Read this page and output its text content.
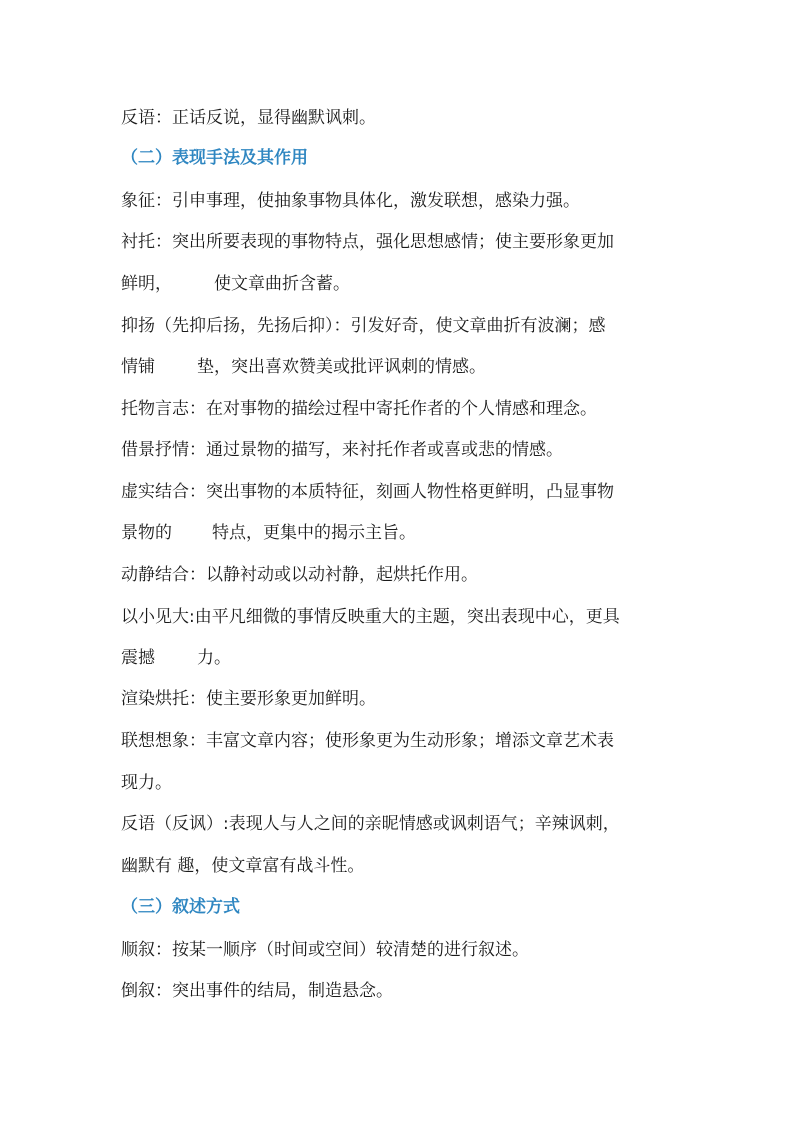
反语：正话反说，显得幽默讽刺。
（二）表现手法及其作用
象征：引申事理，使抽象事物具体化，激发联想，感染力强。
衬托：突出所要表现的事物特点，强化思想感情；使主要形象更加
鲜明， 使文章曲折含蓄。
抑扬（先抑后扬，先扬后抑）：引发好奇，使文章曲折有波澜；感
情铺 垫，突出喜欢赞美或批评讽刺的情感。
托物言志：在对事物的描绘过程中寄托作者的个人情感和理念。
借景抒情：通过景物的描写，来衬托作者或喜或悲的情感。
虚实结合：突出事物的本质特征，刻画人物性格更鲜明，凸显事物
景物的 特点，更集中的揭示主旨。
动静结合：以静衬动或以动衬静，起烘托作用。
以小见大:由平凡细微的事情反映重大的主题，突出表现中心，更具
震撼 力。
渲染烘托：使主要形象更加鲜明。
联想想象：丰富文章内容；使形象更为生动形象；增添文章艺术表
现力。
反语（反讽）:表现人与人之间的亲昵情感或讽刺语气；辛辣讽刺，
幽默有 趣，使文章富有战斗性。
（三）叙述方式
顺叙：按某一顺序（时间或空间）较清楚的进行叙述。
倒叙：突出事件的结局，制造悬念。
